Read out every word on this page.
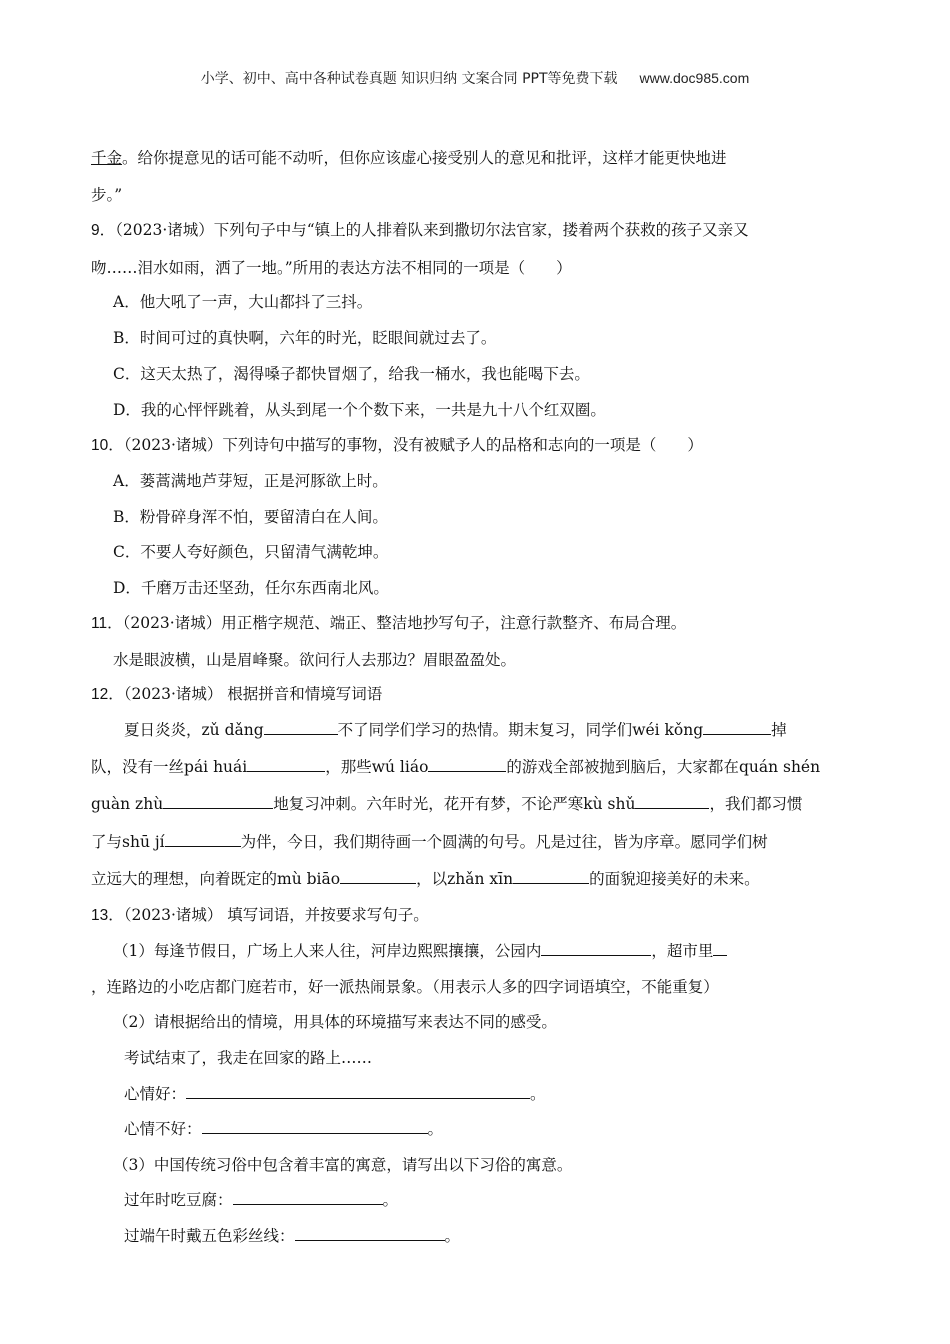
小学、初中、高中各种试卷真题 知识归纳 文案合同 PPT等免费下载 www.doc985.com
千金。给你提意见的话可能不动听，但你应该虚心接受别人的意见和批评，这样才能更快地进
步。”
9．（2023·诸城）下列句子中与“镇上的人排着队来到撒切尔法官家，搂着两个获救的孩子又亲又
吻……泪水如雨，洒了一地。”所用的表达方法不相同的一项是（　　）
A．他大吼了一声，大山都抖了三抖。
B．时间可过的真快啊，六年的时光，眨眼间就过去了。
C．这天太热了，渴得嗓子都快冒烟了，给我一桶水，我也能喝下去。
D．我的心怦怦跳着，从头到尾一个个数下来，一共是九十八个红双圈。
10．（2023·诸城）下列诗句中描写的事物，没有被赋予人的品格和志向的一项是（　　）
A．蒌蒿满地芦芽短，正是河豚欲上时。
B．粉骨碎身浑不怕，要留清白在人间。
C．不要人夸好颜色，只留清气满乾坤。
D．千磨万击还坚劲，任尔东西南北风。
11．（2023·诸城）用正楷字规范、端正、整洁地抄写句子，注意行款整齐、布局合理。
水是眼波横，山是眉峰聚。欲问行人去那边？眉眼盈盈处。
12．（2023·诸城） 根据拼音和情境写词语
夏日炎炎，zǔ dǎng	不了同学们学习的热情。期末复习，同学们wéi kǒng	掉
队，没有一丝pái huái	，那些wú liáo	的游戏全部被抛到脑后，大家都在quán shén
guàn zhù	地复习冲刺。六年时光，花开有梦，不论严寒kù shǔ	，我们都习惯
了与shū jí	为伴，今日，我们期待画一个圆满的句号。凡是过往，皆为序章。愿同学们树
立远大的理想，向着既定的mù biāo	，以zhǎn xīn	的面貌迎接美好的未来。
13．（2023·诸城） 填写词语，并按要求写句子。
（1）每逢节假日，广场上人来人往，河岸边熙熙攘攘，公园内	，超市里
，连路边的小吃店都门庭若市，好一派热闹景象。（用表示人多的四字词语填空，不能重复）
（2）请根据给出的情境，用具体的环境描写来表达不同的感受。
考试结束了，我走在回家的路上……
心情好：	。
心情不好：	。
（3）中国传统习俗中包含着丰富的寓意，请写出以下习俗的寓意。
过年时吃豆腐：	。
过端午时戴五色彩丝线：	。
